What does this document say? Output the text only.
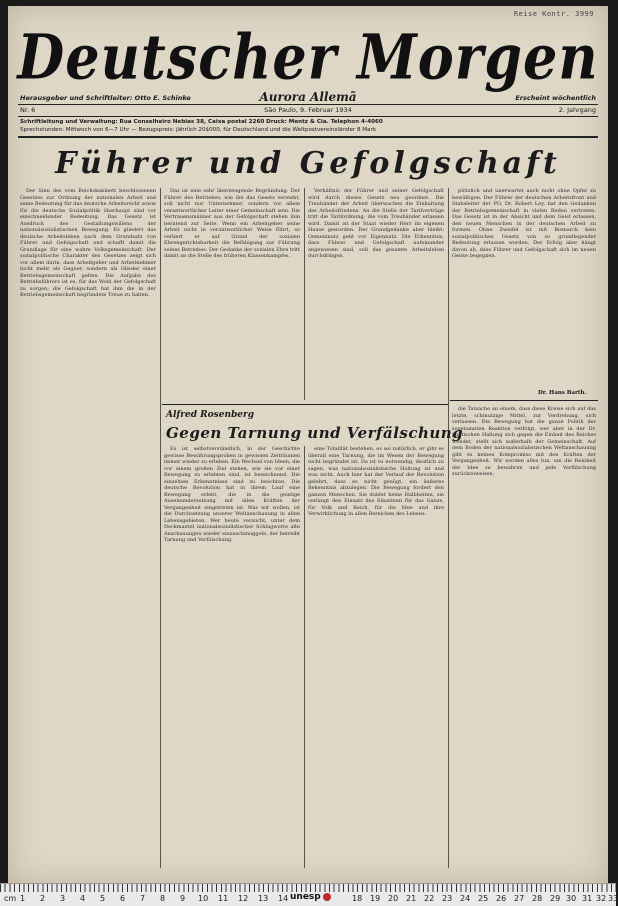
Reise Kontr. 3999
Deutscher Morgen
Herausgeber und Schriftleiter: Otto E. Schinke	Aurora Allemã	Erscheint wöchentlich
Nr. 6	São Paulo, 9. Februar 1934	2. Jahrgang
Schriftleitung und Verwaltung: Rua Conselheiro Nebias 38, Caixa postal 2260 Druck: Mentz & Cia. Telephon 4-4060
Sprechstunden: Mittwoch von 6—7 Uhr — Bezugspreis: jährlich 20$000, für Deutschland und die Weltpostvereinsländer 8 Mark
Führer und Gefolgschaft

Der Sinn des vom Reichskabinett beschlossenen Gesetzes zur Ordnung der nationalen Arbeit und seine Bedeutung für das deutsche Arbeitsrecht sowie für die deutsche Sozialpolitik überhaupt sind vor einschneidender Bedeutung. Das Gesetz ist Ausdruck des Gestaltungswillens der nationalsozialistischen Bewegung. Es gliedert das deutsche Arbeitsleben nach dem Grundsatz von Führer und Gefolgschaft und schafft damit die Grundlage für eine wahre Volksgemeinschaft. Der sozialpolitische Charakter des Gesetzes zeigt sich vor allem darin, dass Arbeitgeber und Arbeitnehmer nicht mehr als Gegner, sondern als Glieder einer Betriebsgemeinschaft gelten. Die Aufgabe des Betriebsführers ist es, für das Wohl der Gefolgschaft zu sorgen; die Gefolgschaft hat ihm die in der Betriebsgemeinschaft begründete Treue zu halten.

Das ist eine sehr überzeugende Begründung. Der Führer des Betriebes, wie ihn das Gesetz versteht, soll nicht nur Unternehmer, sondern vor allem verantwortlicher Leiter einer Gemeinschaft sein. Die Vertrauensmänner aus der Gefolgschaft stehen ihm beratend zur Seite. Wenn ein Arbeitgeber seine Arbeit nicht in verantwortlicher Weise führt, so verliert er auf Grund der sozialen Ehrengerichtsbarkeit die Befähigung zur Führung seines Betriebes. Der Gedanke der sozialen Ehre tritt damit an die Stelle des früheren Klassenkampfes.

Verhältnis der Führer und seiner Gefolgschaft wird durch dieses Gesetz neu geordnet. Die Treuhänder der Arbeit überwachen die Einhaltung des Arbeitsfriedens. An die Stelle der Tarifverträge tritt die Tarifordnung, die vom Treuhänder erlassen wird. Damit ist der Staat wieder Herr im eigenen Hause geworden. Der Grundgedanke aber bleibt: Gemeinnutz geht vor Eigennutz. Die Erkenntnis, dass Führer und Gefolgschaft aufeinander angewiesen sind, soll das gesamte Arbeitsleben durchdringen.

plötzlich und unerwartet auch nicht ohne Opfer zu bewältigen. Der Führer der deutschen Arbeitsfront und Stabsleiter der PO, Dr. Robert Ley, hat den Gedanken der Betriebsgemeinschaft in vielen Reden vertreten. Das Gesetz ist in der Absicht und dem Geist erlassen, den neuen Menschen in der deutschen Arbeit zu formen. Ohne Zweifel ist mit Bismarck kein sozialpolitisches Gesetz von so grundlegender Bedeutung erlassen worden. Der Erfolg aber hängt davon ab, dass Führer und Gefolgschaft sich im neuen Geiste begegnen.

Dr. Hans Barth.
Alfred Rosenberg
Gegen Tarnung und Verfälschung

Es ist selbstverständlich, in der Geschichte gewisse Bewährungsproben in gewissen Zeiträumen immer wieder zu erleben. Ein Wechsel von Ideen, die vor einem großen Ziel stehen, wie sie vor einer Bewegung zu erlebten sind, ist bezeichnend. Die einzelnen Erkenntnisse sind zu beachten. Die deutsche Revolution hat in ihrem Lauf eine Bewegung erlebt, die in die geistige Auseinandersetzung mit allen Kräften der Vergangenheit eingetreten ist. Was wir wollen, ist die Durchsetzung unserer Weltanschauung in allen Lebensgebieten. Wer heute versucht, unter dem Deckmantel nationalsozialistischer Schlagworte alte Anschauungen wieder einzuschmuggeln, der betreibt Tarnung und Verfälschung.

eine Totalität bestehen, es sei natürlich, er gibt es überall eine Tarnung, die im Wesen der Bewegung nicht begründet ist. Da ist es notwendig, deutlich zu sagen, was nationalsozialistische Haltung ist und was nicht. Auch hier hat der Verlauf der Revolution gelehrt, dass es nicht genügt, ein äußeres Bekenntnis abzulegen. Die Bewegung fordert den ganzen Menschen. Sie duldet keine Halbheiten, sie verlangt den Einsatz des Einzelnen für das Ganze, für Volk und Reich, für die Idee und ihre Verwirklichung in allen Bereichen des Lebens.

die Tatsache an einem, dass diese Kreise sich auf das letzte, schmutzige Mittel, zur Verdrehung, sich verlassen. Die Bewegung hat die ganze Politik der sogenannten Reaktion verfolgt, wer aber in der Dr. politischen Haltung sich gegen die Einheit des Reiches wendet, stellt sich außerhalb der Gemeinschaft. Auf dem Boden der nationalsozialistischen Weltanschauung gibt es keinen Kompromiss mit den Kräften der Vergangenheit. Wir werden alles tun, um die Reinheit der Idee zu bewahren und jede Verfälschung zurückzuweisen.

cm 1 2 3 4 5 6 7 8 9 10 11 12 13 14	18 19 20 21 22 23 24 25 26 27 28 29 30 31 32 33
unesp
